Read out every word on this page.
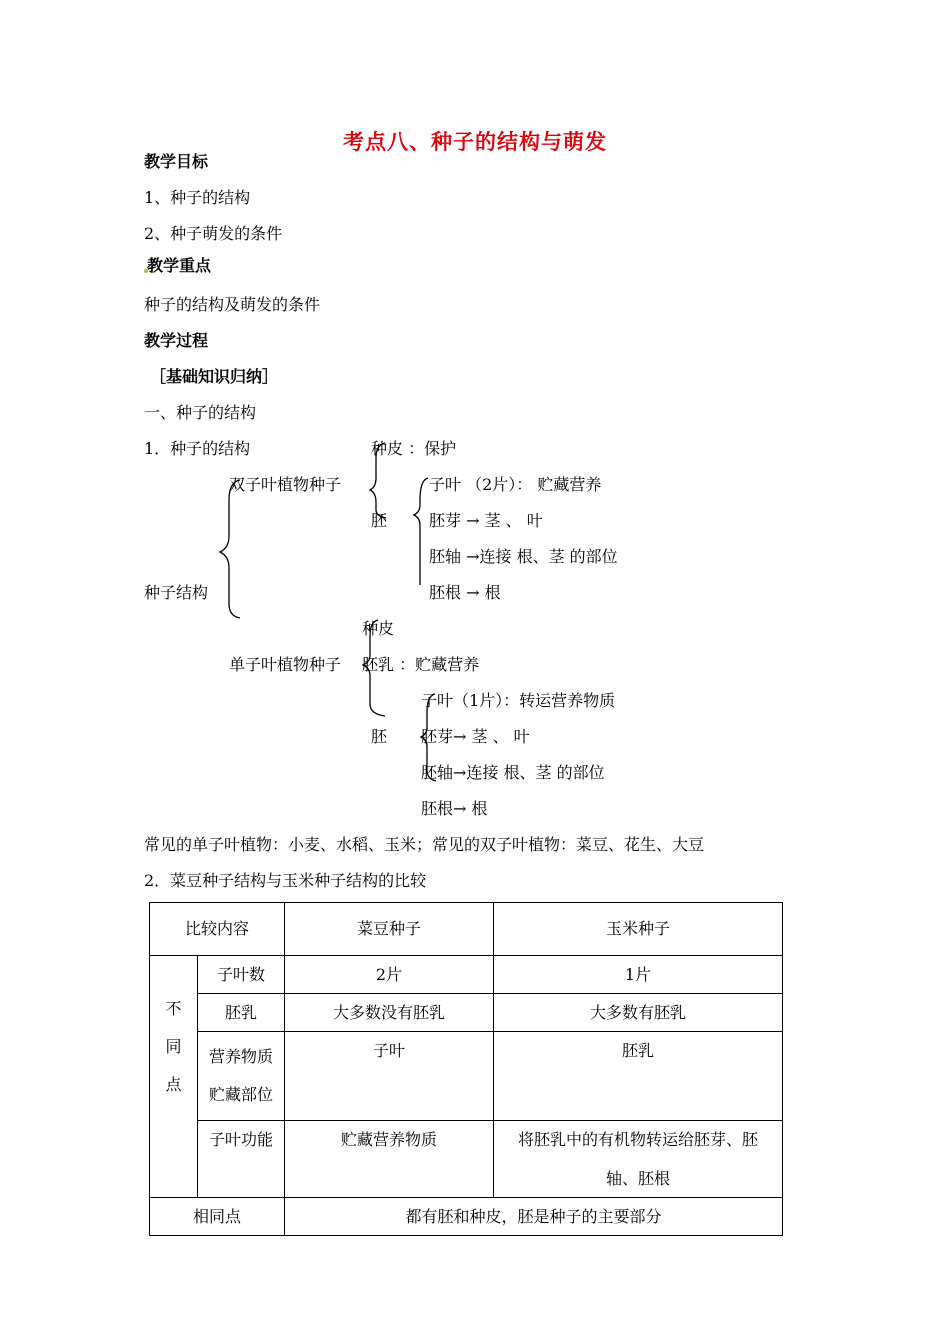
考点八、种子的结构与萌发
教学目标
1、种子的结构
2、种子萌发的条件
教学重点
种子的结构及萌发的条件
教学过程
［基础知识归纳］
一、种子的结构
1．种子的结构
种子结构
双子叶植物种子
种皮 ：保护
胚
子叶 （2片）： 贮藏营养
胚芽 → 茎 、 叶
胚轴 →连接 根、茎 的部位
胚根 → 根
种皮
单子叶植物种子 胚乳 ：贮藏营养
胚
子叶（1片）：转运营养物质
胚芽→ 茎 、 叶
胚轴→连接 根、茎 的部位
胚根→ 根
常见的单子叶植物：小麦、水稻、玉米；常见的双子叶植物：菜豆、花生、大豆
2．菜豆种子结构与玉米种子结构的比较
比较内容		菜豆种子	玉米种子

不
同
点	子叶数	2片	1片
	胚乳	大多数没有胚乳	大多数有胚乳

	营养物质
贮藏部位	子叶	胚乳
	子叶功能	贮藏营养物质	将胚乳中的有机物转运给胚芽、胚
轴、胚根

相同点		都有胚和种皮，胚是种子的主要部分	
